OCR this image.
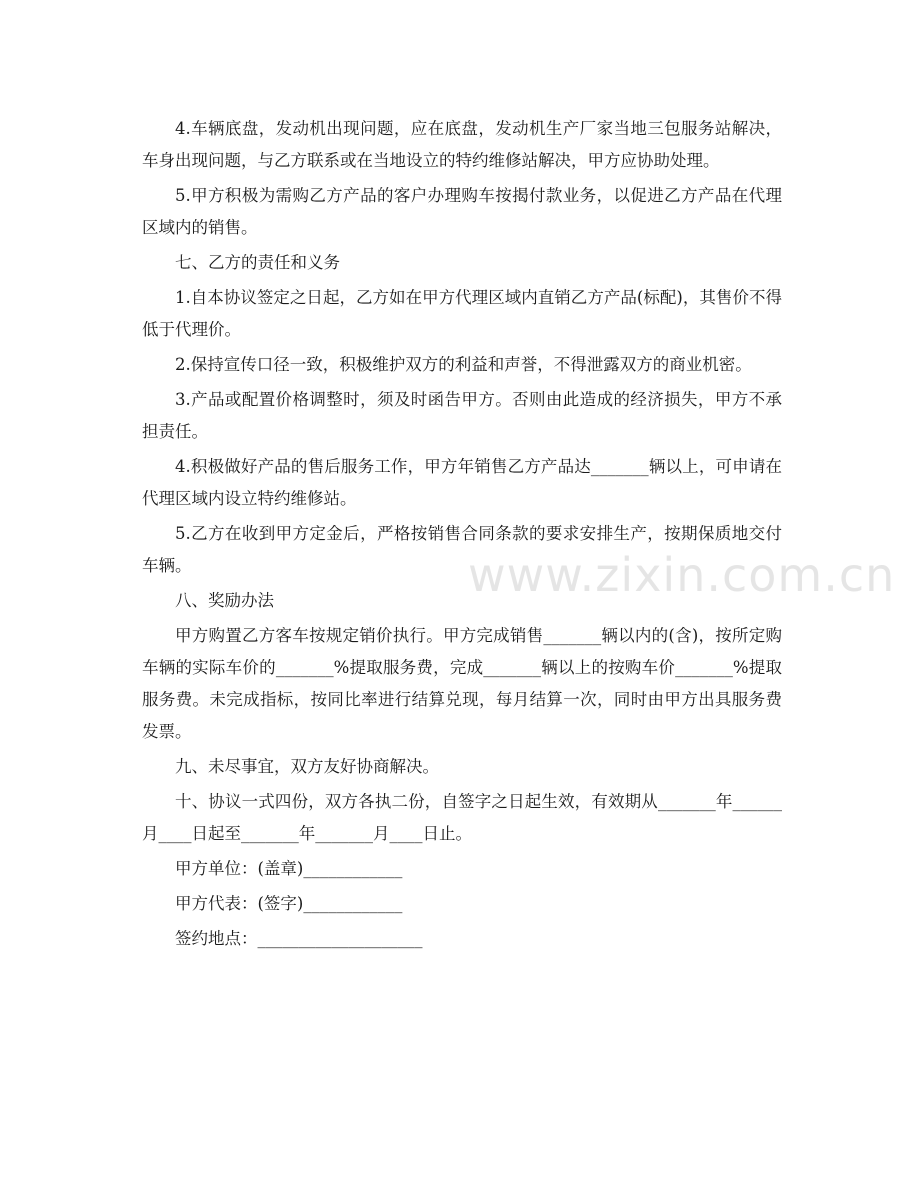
4.车辆底盘，发动机出现问题，应在底盘，发动机生产厂家当地三包服务站解决，车身出现问题，与乙方联系或在当地设立的特约维修站解决，甲方应协助处理。

5.甲方积极为需购乙方产品的客户办理购车按揭付款业务，以促进乙方产品在代理区域内的销售。

七、乙方的责任和义务

1.自本协议签定之日起，乙方如在甲方代理区域内直销乙方产品(标配)，其售价不得低于代理价。

2.保持宣传口径一致，积极维护双方的利益和声誉，不得泄露双方的商业机密。

3.产品或配置价格调整时，须及时函告甲方。否则由此造成的经济损失，甲方不承担责任。

4.积极做好产品的售后服务工作，甲方年销售乙方产品达_______辆以上，可申请在代理区域内设立特约维修站。

5.乙方在收到甲方定金后，严格按销售合同条款的要求安排生产，按期保质地交付车辆。

八、奖励办法

甲方购置乙方客车按规定销价执行。甲方完成销售_______辆以内的(含)，按所定购车辆的实际车价的_______%提取服务费，完成_______辆以上的按购车价_______%提取服务费。未完成指标，按同比率进行结算兑现，每月结算一次，同时由甲方出具服务费发票。

九、未尽事宜，双方友好协商解决。

十、协议一式四份，双方各执二份，自签字之日起生效，有效期从_______年______月____日起至_______年_______月____日止。

甲方单位：(盖章)____________

甲方代表：(签字)____________

签约地点：____________________

www.zixin.com.cn
